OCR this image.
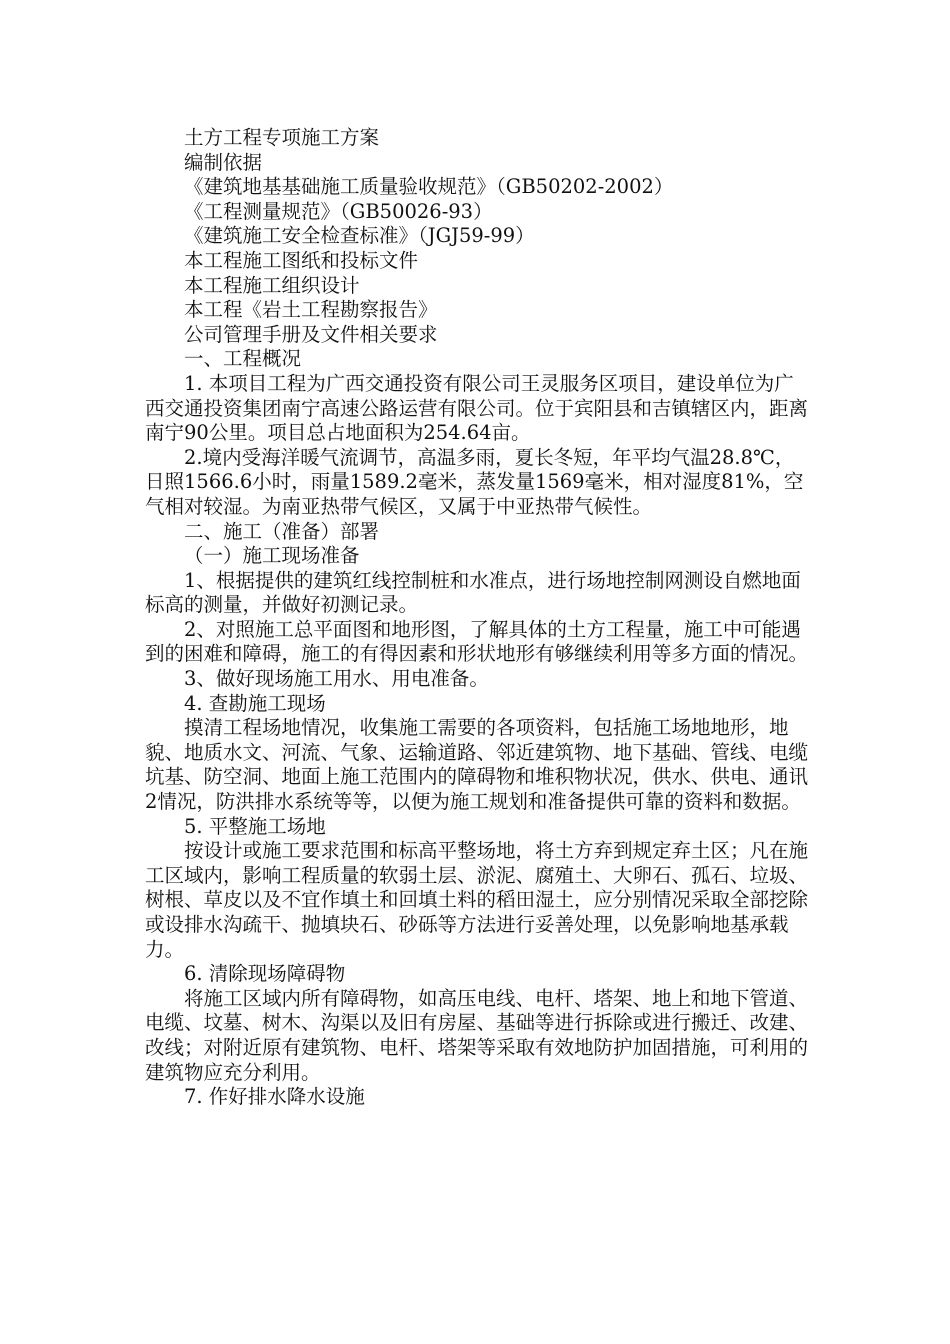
土方工程专项施工方案

编制依据

《建筑地基基础施工质量验收规范》（GB50202-2002）

《工程测量规范》（GB50026-93）

《建筑施工安全检查标准》（JGJ59-99）

本工程施工图纸和投标文件

本工程施工组织设计

本工程《岩土工程勘察报告》

公司管理手册及文件相关要求

一、工程概况

1. 本项目工程为广西交通投资有限公司王灵服务区项目，建设单位为广西交通投资集团南宁高速公路运营有限公司。位于宾阳县和吉镇辖区内，距离南宁90公里。项目总占地面积为254.64亩。

2.境内受海洋暖气流调节，高温多雨，夏长冬短，年平均气温28.8℃，日照1566.6小时，雨量1589.2毫米，蒸发量1569毫米，相对湿度81%，空气相对较湿。为南亚热带气候区，又属于中亚热带气候性。

二、施工（准备）部署

（一）施工现场准备

1、根据提供的建筑红线控制桩和水准点，进行场地控制网测设自燃地面标高的测量，并做好初测记录。

2、对照施工总平面图和地形图，了解具体的土方工程量，施工中可能遇到的困难和障碍，施工的有得因素和形状地形有够继续利用等多方面的情况。

3、做好现场施工用水、用电准备。

4. 查勘施工现场

摸清工程场地情况，收集施工需要的各项资料，包括施工场地地形，地貌、地质水文、河流、气象、运输道路、邻近建筑物、地下基础、管线、电缆坑基、防空洞、地面上施工范围内的障碍物和堆积物状况，供水、供电、通讯 2情况，防洪排水系统等等，以便为施工规划和准备提供可靠的资料和数据。

5. 平整施工场地

按设计或施工要求范围和标高平整场地，将土方弃到规定弃土区；凡在施工区域内，影响工程质量的软弱土层、淤泥、腐殖土、大卵石、孤石、垃圾、树根、草皮以及不宜作填土和回填土料的稻田湿土，应分别情况采取全部挖除或设排水沟疏干、抛填块石、砂砾等方法进行妥善处理，以免影响地基承载力。

6. 清除现场障碍物

将施工区域内所有障碍物，如高压电线、电杆、塔架、地上和地下管道、电缆、坟墓、树木、沟渠以及旧有房屋、基础等进行拆除或进行搬迁、改建、改线；对附近原有建筑物、电杆、塔架等采取有效地防护加固措施，可利用的建筑物应充分利用。

7. 作好排水降水设施
